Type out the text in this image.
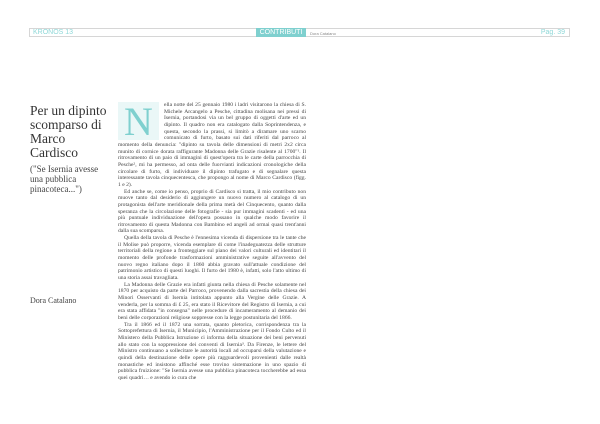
KRONOS 13	CONTRIBUTI	Dora Catalano	Pag. 39
Per un dipinto scomparso di Marco Cardisco
("Se Isernia avesse una pubblica pinacoteca...")
Dora Catalano
N	ella notte del 25 gennaio 1980 i ladri visitarono la chiesa di S. Michele Arcangelo a Pesche, cittadina molisana nei pressi di Isernia, portandosi via un bel gruppo di oggetti d'arte ed un dipinto. Il quadro non era catalogato dalla Soprintendenza, e questa, secondo la prassi, si limitò a diramare uno scarno comunicato di furto, basato sui dati riferiti dal parroco al momento della denuncia: "dipinto su tavola delle dimensioni di metri 2x2 circa munito di cornice dorata raffigurante Madonna delle Grazie risalente al 1700"¹. Il ritrovamento di un paio di immagini di quest'opera tra le carte della parrocchia di Pesche², mi ha permesso, ad onta delle fuorvianti indicazioni cronologiche della circolare di furto, di individuare il dipinto trafugato e di segnalare questa interessante tavola cinquecentesca, che propongo al nome di Marco Cardisco (figg. 1 e 2).

Ed anche se, come io penso, proprio di Cardisco si tratta, il mio contributo non muove tanto dal desiderio di aggiungere un nuovo numero al catalogo di un protagonista dell'arte meridionale della prima metà del Cinquecento, quanto dalla speranza che la circolazione delle fotografie - sia pur immagini scadenti - ed una più puntuale individuazione dell'opera possano in qualche modo favorire il ritrovamento di questa Madonna con Bambino ed angeli ad ormai quasi trent'anni dalla sua scomparsa.

Quella della tavola di Pesche è l'ennesima vicenda di dispersione tra le tante che il Molise può proporre, vicenda esemplare di come l'inadeguatezza delle strutture territoriali della regione a fronteggiare sul piano dei valori culturali ed identitari il momento delle profonde trasformazioni amministrative seguite all'avvento del nuovo regno italiano dopo il 1860 abbia gravato sull'attuale condizione del patrimonio artistico di questi luoghi. Il furto del 1980 è, infatti, solo l'atto ultimo di una storia assai travagliata.

La Madonna delle Grazie era infatti giunta nella chiesa di Pesche solamente nel 1870 per acquisto da parte del Parroco, provenendo dalla sacrestia della chiesa dei Minori Osservanti di Isernia intitolata appunto alla Vergine delle Grazie. A venderla, per la somma di £ 25, era stato il Ricevitore del Registro di Isernia, a cui era stata affidata "in consegna" nelle procedure di incameramento al demanio dei beni delle corporazioni religiose soppresse con la legge postunitaria del 1866.

Tra il 1866 ed il 1872 una sorrata, quanto pletorica, corrispondenza tra la Sottoprefettura di Isernia, il Municipio, l'Amministrazione per il Fondo Culto ed il Ministero della Pubblica Istruzione ci informa della situazione dei beni pervenuti allo stato con la soppressione dei conventi di Isernia³. Da Firenze, le lettere del Ministro continuano a sollecitare le autorità locali ad occuparsi della valutazione e quindi della destinazione delle opere più ragguardevoli provenienti dalle realtà monastiche ed insistono affinché esse trovino sistemazione in uno spazio di pubblica fruizione: "Se Isernia avesse una pubblica pinacoteca toccherebbe ad essa quei quadri… e avendo io cura che
